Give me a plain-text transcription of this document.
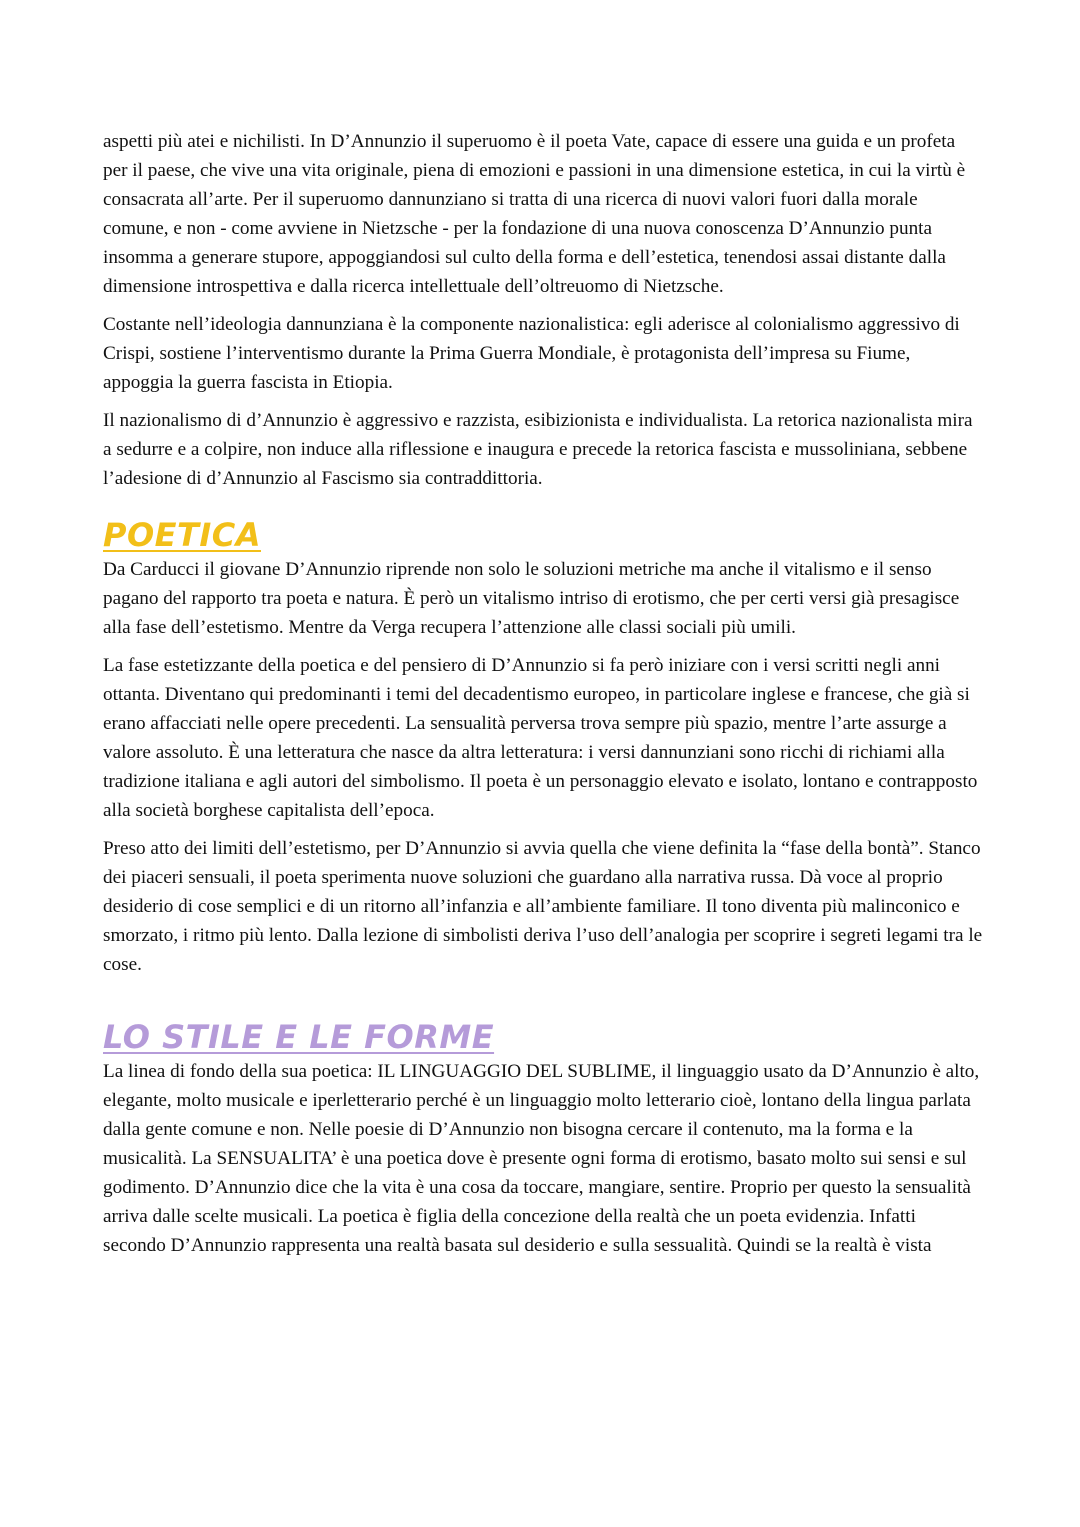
aspetti più atei e nichilisti. In D’Annunzio il superuomo è il poeta Vate, capace di essere una guida e un profeta per il paese, che vive una vita originale, piena di emozioni e passioni in una dimensione estetica, in cui la virtù è consacrata all’arte. Per il superuomo dannunziano si tratta di una ricerca di nuovi valori fuori dalla morale comune, e non - come avviene in Nietzsche - per la fondazione di una nuova conoscenza D’Annunzio punta insomma a generare stupore, appoggiandosi sul culto della forma e dell’estetica, tenendosi assai distante dalla dimensione introspettiva e dalla ricerca intellettuale dell’oltreuomo di Nietzsche.

Costante nell’ideologia dannunziana è la componente nazionalistica: egli aderisce al colonialismo aggressivo di Crispi, sostiene l’interventismo durante la Prima Guerra Mondiale, è protagonista dell’impresa su Fiume, appoggia la guerra fascista in Etiopia.

Il nazionalismo di d’Annunzio è aggressivo e razzista, esibizionista e individualista. La retorica nazionalista mira a sedurre e a colpire, non induce alla riflessione e inaugura e precede la retorica fascista e mussoliniana, sebbene l’adesione di d’Annunzio al Fascismo sia contraddittoria.

POETICA

Da Carducci il giovane D’Annunzio riprende non solo le soluzioni metriche ma anche il vitalismo e il senso pagano del rapporto tra poeta e natura. È però un vitalismo intriso di erotismo, che per certi versi già presagisce alla fase dell’estetismo. Mentre da Verga recupera l’attenzione alle classi sociali più umili.

La fase estetizzante della poetica e del pensiero di D’Annunzio si fa però iniziare con i versi scritti negli anni ottanta. Diventano qui predominanti i temi del decadentismo europeo, in particolare inglese e francese, che già si erano affacciati nelle opere precedenti. La sensualità perversa trova sempre più spazio, mentre l’arte assurge a valore assoluto. È una letteratura che nasce da altra letteratura: i versi dannunziani sono ricchi di richiami alla tradizione italiana e agli autori del simbolismo. Il poeta è un personaggio elevato e isolato, lontano e contrapposto alla società borghese capitalista dell’epoca.

Preso atto dei limiti dell’estetismo, per D’Annunzio si avvia quella che viene definita la “fase della bontà”. Stanco dei piaceri sensuali, il poeta sperimenta nuove soluzioni che guardano alla narrativa russa. Dà voce al proprio desiderio di cose semplici e di un ritorno all’infanzia e all’ambiente familiare. Il tono diventa più malinconico e smorzato, i ritmo più lento. Dalla lezione di simbolisti deriva l’uso dell’analogia per scoprire i segreti legami tra le cose.

LO STILE E LE FORME

La linea di fondo della sua poetica: IL LINGUAGGIO DEL SUBLIME, il linguaggio usato da D’Annunzio è alto, elegante, molto musicale e iperletterario perché è un linguaggio molto letterario cioè, lontano della lingua parlata dalla gente comune e non. Nelle poesie di D’Annunzio non bisogna cercare il contenuto, ma la forma e la musicalità. La SENSUALITA’ è una poetica dove è presente ogni forma di erotismo, basato molto sui sensi e sul godimento. D’Annunzio dice che la vita è una cosa da toccare, mangiare, sentire. Proprio per questo la sensualità arriva dalle scelte musicali. La poetica è figlia della concezione della realtà che un poeta evidenzia. Infatti secondo D’Annunzio rappresenta una realtà basata sul desiderio e sulla sessualità. Quindi se la realtà è vista
